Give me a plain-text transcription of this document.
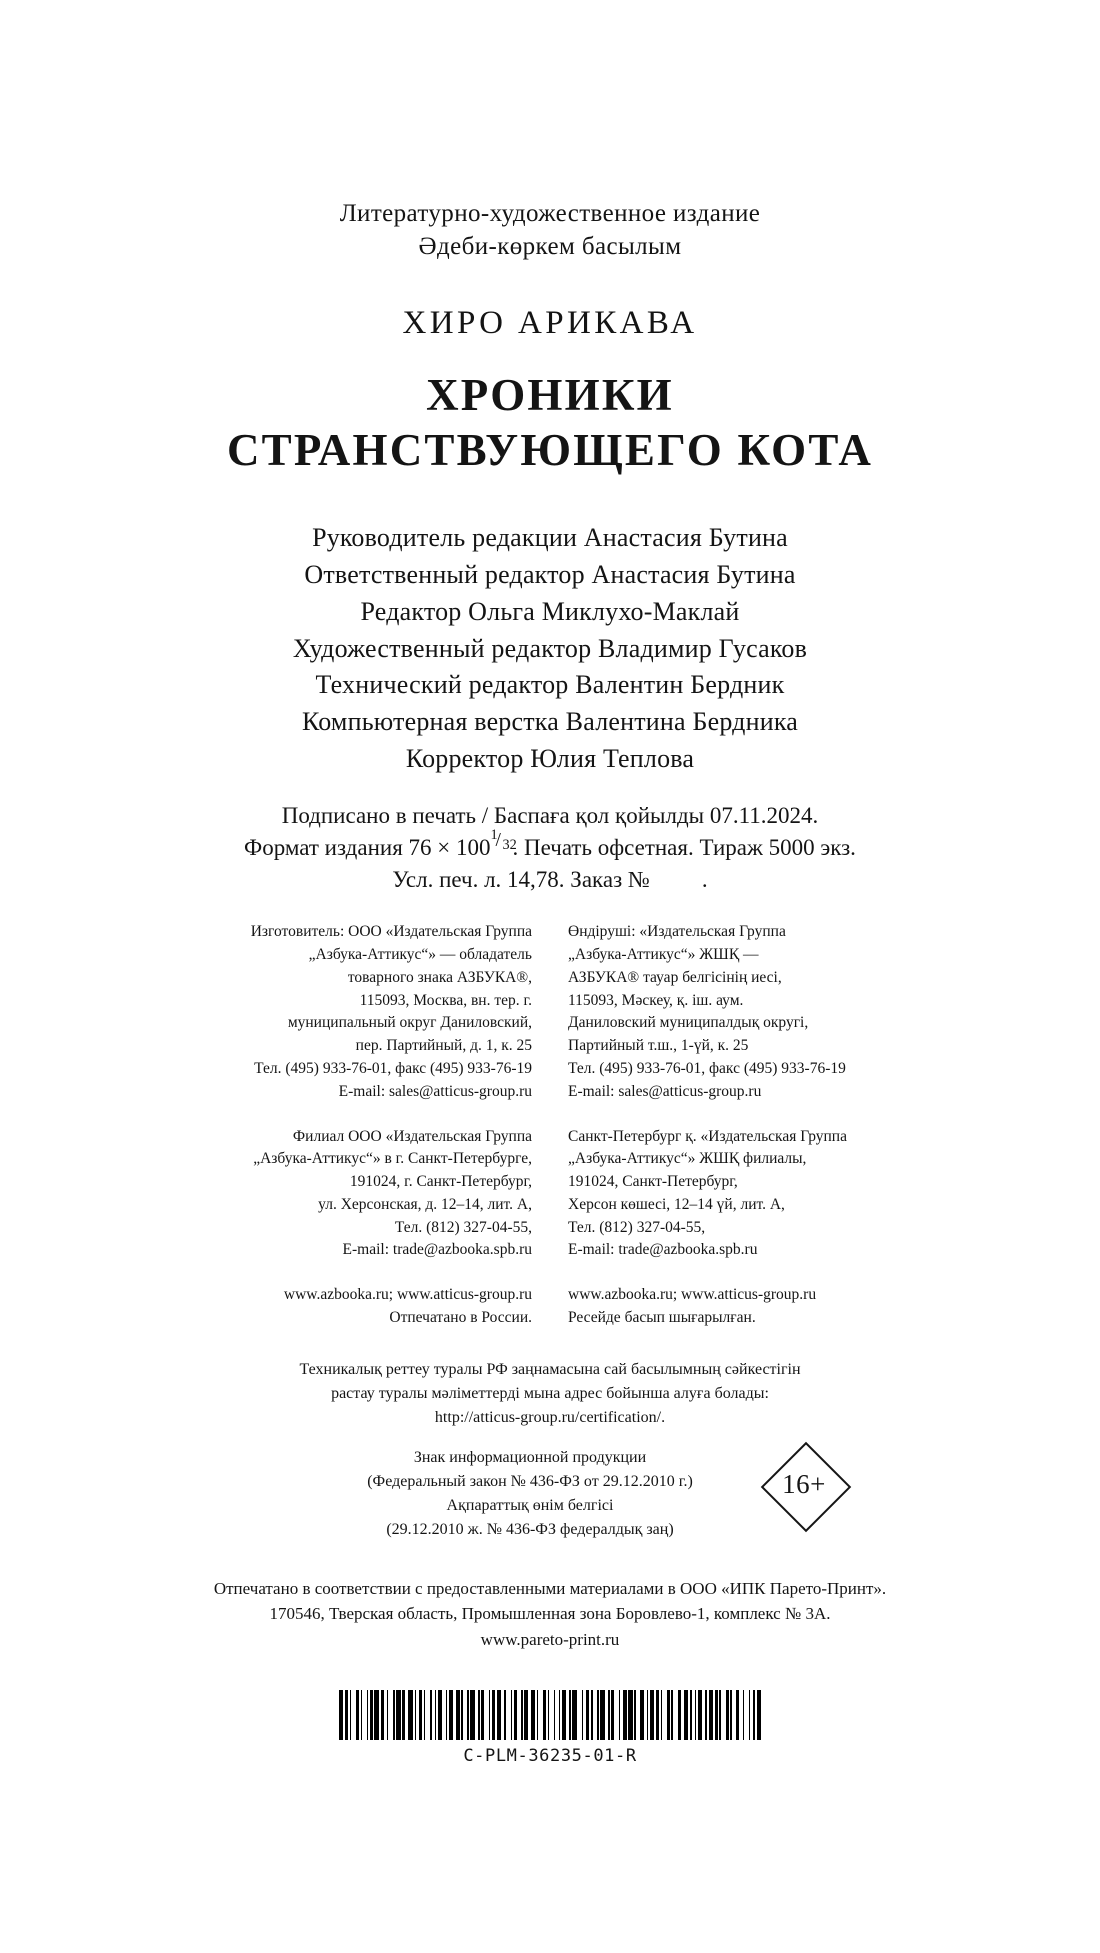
Литературно-художественное издание
Әдеби-көркем басылым
ХИРО АРИКАВА
ХРОНИКИ
СТРАНСТВУЮЩЕГО КОТА
Руководитель редакции Анастасия Бутина
Ответственный редактор Анастасия Бутина
Редактор Ольга Миклухо-Маклай
Художественный редактор Владимир Гусаков
Технический редактор Валентин Бердник
Компьютерная верстка Валентина Бердника
Корректор Юлия Теплова
Подписано в печать / Баспаға қол қойылды 07.11.2024.
Формат издания 76 × 100 1
/ 32
. Печать офсетная. Тираж 5000 экз.
Усл. печ. л. 14,78. Заказ № .
Изготовитель: ООО «Издательская Группа
„Азбука-Аттикус“» — обладатель
товарного знака АЗБУКА®,
115093, Москва, вн. тер. г.
муниципальный округ Даниловский,
пер. Партийный, д. 1, к. 25
Тел. (495) 933-76-01, факс (495) 933-76-19
E-mail: sales@atticus-group.ru
Филиал ООО «Издательская Группа
„Азбука-Аттикус“» в г. Санкт-Петербурге,
191024, г. Санкт-Петербург,
ул. Херсонская, д. 12–14, лит. А,
Тел. (812) 327-04-55,
E-mail: trade@azbooka.spb.ru
www.azbooka.ru; www.atticus-group.ru
Отпечатано в России.
Өндіруші: «Издательская Группа
„Азбука-Аттикус“» ЖШҚ —
АЗБУКА® тауар белгісінің иесі,
115093, Мәскеу, қ. іш. аум.
Даниловский муниципалдық округі,
Партийный т.ш., 1-үй, к. 25
Тел. (495) 933-76-01, факс (495) 933-76-19
E-mail: sales@atticus-group.ru
Санкт-Петербург қ. «Издательская Группа
„Азбука-Аттикус“» ЖШҚ филиалы,
191024, Санкт-Петербург,
Херсон көшесі, 12–14 үй, лит. А,
Тел. (812) 327-04-55,
E-mail: trade@azbooka.spb.ru
www.azbooka.ru; www.atticus-group.ru
Ресейде басып шығарылған.
Техникалық реттеу туралы РФ заңнамасына сай басылымның сәйкестігін
растау туралы мәліметтерді мына адрес бойынша алуға болады:
http://atticus-group.ru/certification/.
Знак информационной продукции
(Федеральный закон № 436-ФЗ от 29.12.2010 г.)
Ақпараттық өнім белгісі
(29.12.2010 ж. № 436-ФЗ федералдық заң)
16+
Отпечатано в соответствии с предоставленными материалами в ООО «ИПК Парето-Принт».
170546, Тверская область, Промышленная зона Боровлево-1, комплекс № 3А.
www.pareto-print.ru
C-PLM-36235-01-R
